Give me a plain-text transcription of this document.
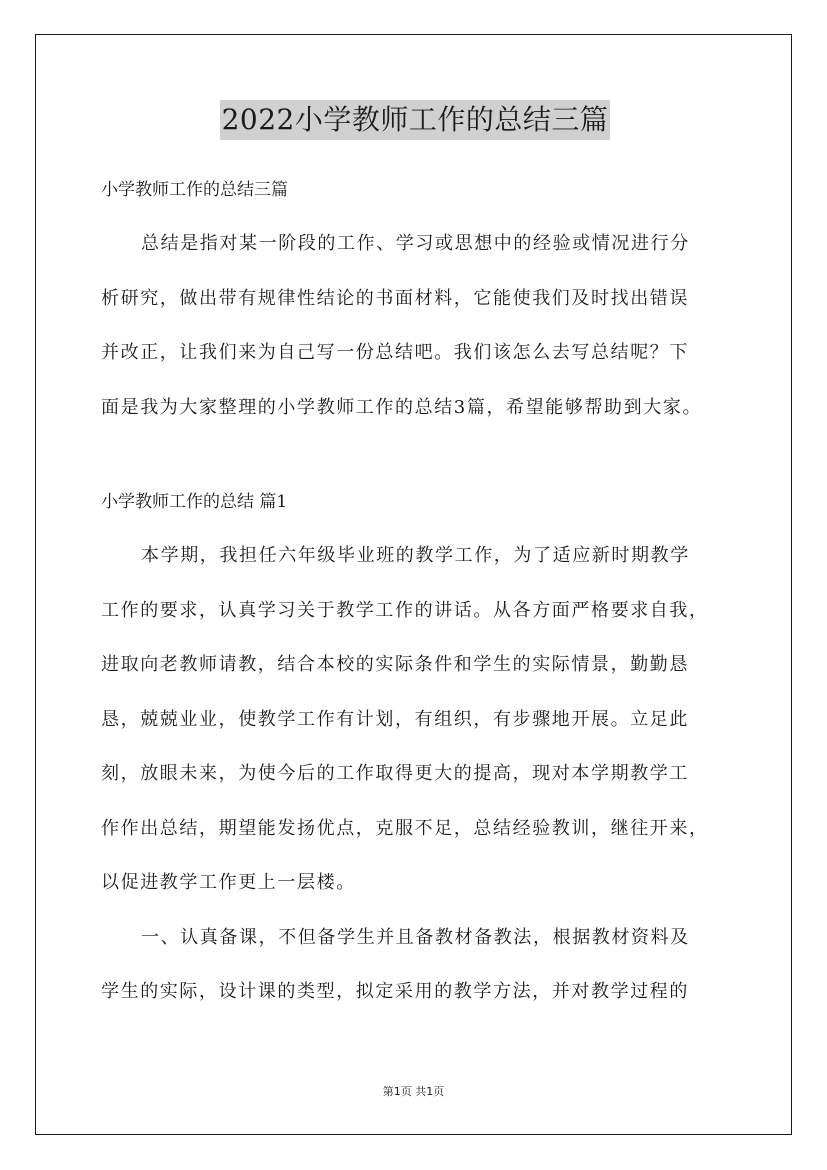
2022小学教师工作的总结三篇

小学教师工作的总结三篇

总结是指对某一阶段的工作、学习或思想中的经验或情况进行分
析研究，做出带有规律性结论的书面材料，它能使我们及时找出错误
并改正，让我们来为自己写一份总结吧。我们该怎么去写总结呢？下
面是我为大家整理的小学教师工作的总结3篇，希望能够帮助到大家。

小学教师工作的总结 篇1

本学期，我担任六年级毕业班的教学工作，为了适应新时期教学
工作的要求，认真学习关于教学工作的讲话。从各方面严格要求自我，
进取向老教师请教，结合本校的实际条件和学生的实际情景，勤勤恳
恳，兢兢业业，使教学工作有计划，有组织，有步骤地开展。立足此
刻，放眼未来，为使今后的工作取得更大的提高，现对本学期教学工
作作出总结，期望能发扬优点，克服不足，总结经验教训，继往开来，
以促进教学工作更上一层楼。
一、认真备课，不但备学生并且备教材备教法，根据教材资料及
学生的实际，设计课的类型，拟定采用的教学方法，并对教学过程的
第1页 共1页
